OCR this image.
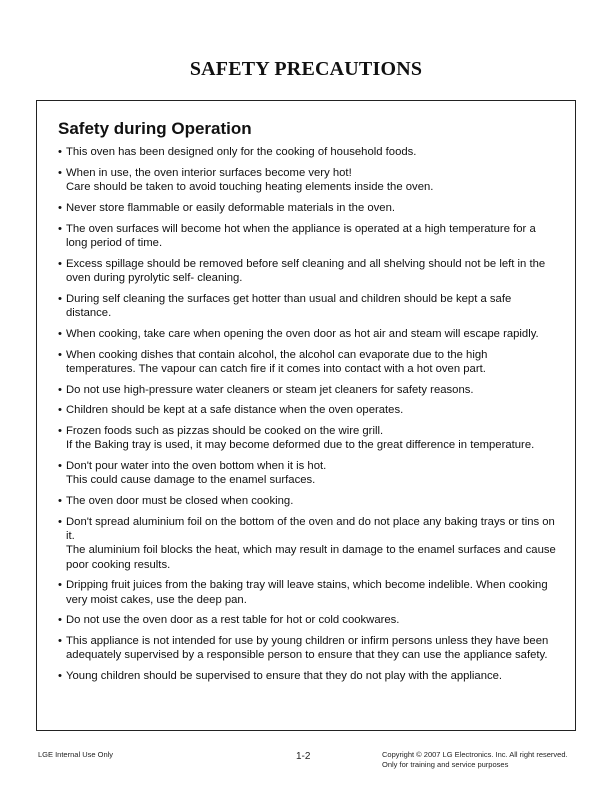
SAFETY PRECAUTIONS
Safety during Operation

• This oven has been designed only for the cooking of household foods.

• When in use, the oven interior surfaces become very hot!

Care should be taken to avoid touching heating elements inside the oven.

• Never store flammable or easily deformable materials in the oven.

• The oven surfaces will become hot when the appliance is operated at a high temperature for a long period of time.

• Excess spillage should be removed before self cleaning and all shelving should not be left in the oven during pyrolytic self- cleaning.

• During self cleaning the surfaces get hotter than usual and children should be kept a safe distance.

• When cooking, take care when opening the oven door as hot air and steam will escape rapidly.

• When cooking dishes that contain alcohol, the alcohol can evaporate due to the high temperatures. The vapour can catch fire if it comes into contact with a hot oven part.

• Do not use high-pressure water cleaners or steam jet cleaners for safety reasons.

• Children should be kept at a safe distance when the oven operates.

• Frozen foods such as pizzas should be cooked on the wire grill.

If the Baking tray is used, it may become deformed due to the great difference in temperature.

• Don't pour water into the oven bottom when it is hot.

This could cause damage to the enamel surfaces.

• The oven door must be closed when cooking.

• Don't spread aluminium foil on the bottom of the oven and do not place any baking trays or tins on it.

The aluminium foil blocks the heat, which may result in damage to the enamel surfaces and cause poor cooking results.

• Dripping fruit juices from the baking tray will leave stains, which become indelible. When cooking very moist cakes, use the deep pan.

• Do not use the oven door as a rest table for hot or cold cookwares.

• This appliance is not intended for use by young children or infirm persons unless they have been adequately supervised by a responsible person to ensure that they can use the appliance safety.

• Young children should be supervised to ensure that they do not play with the appliance.

LGE Internal Use Only	1-2	Copyright © 2007 LG Electronics. Inc. All right reserved.
Only for training and service purposes
